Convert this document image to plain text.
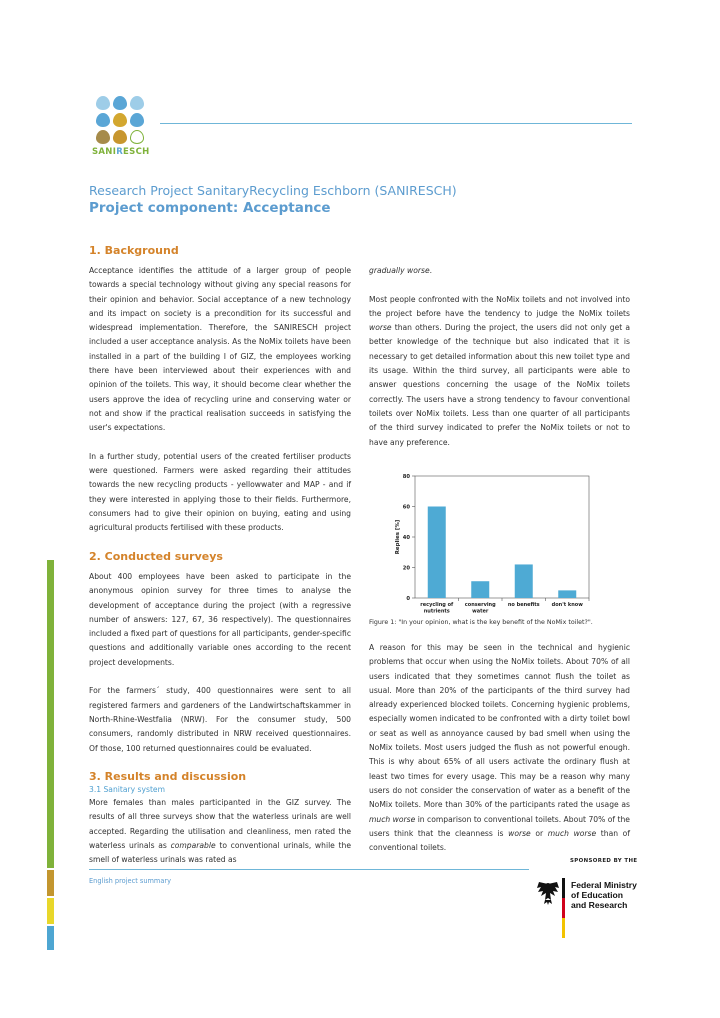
SANIRESCH
Research Project SanitaryRecycling Eschborn (SANIRESCH)
Project component: Acceptance
1. Background

Acceptance identifies the attitude of a larger group of people towards a special technology without giving any special reasons for their opinion and behavior. Social acceptance of a new technology and its impact on society is a precondition for its successful and widespread implementation. Therefore, the SANIRESCH project included a user acceptance analysis. As the NoMix toilets have been installed in a part of the building I of GIZ, the employees working there have been interviewed about their experiences with and opinion of the toilets. This way, it should become clear whether the users approve the idea of recycling urine and conserving water or not and show if the practical realisation succeeds in satisfying the user's expectations.

In a further study, potential users of the created fertiliser products were questioned. Farmers were asked regarding their attitudes towards the new recycling products - yellowwater and MAP - and if they were interested in applying those to their fields. Furthermore, consumers had to give their opinion on buying, eating and using agricultural products fertilised with these products.

2. Conducted surveys

About 400 employees have been asked to participate in the anonymous opinion survey for three times to analyse the development of acceptance during the project (with a regressive number of answers: 127, 67, 36 respectively). The questionnaires included a fixed part of questions for all participants, gender-specific questions and additionally variable ones according to the recent project developments.

For the farmers´ study, 400 questionnaires were sent to all registered farmers and gardeners of the Landwirtschaftskammer in North-Rhine-Westfalia (NRW). For the consumer study, 500 consumers, randomly distributed in NRW received questionnaires. Of those, 100 returned questionnaires could be evaluated.

3. Results and discussion
3.1 Sanitary system

More females than males participanted in the GIZ survey. The results of all three surveys show that the waterless urinals are well accepted. Regarding the utilisation and cleanliness, men rated the waterless urinals as comparable to conventional urinals, while the smell of waterless urinals was rated as

gradually worse.

Most people confronted with the NoMix toilets and not involved into the project before have the tendency to judge the NoMix toilets worse than others. During the project, the users did not only get a better knowledge of the technique but also indicated that it is necessary to get detailed information about this new toilet type and its usage. Within the third survey, all participants were able to answer questions concerning the usage of the NoMix toilets correctly. The users have a strong tendency to favour conventional toilets over NoMix toilets. Less than one quarter of all participants of the third survey indicated to prefer the NoMix toilets or not to have any preference.

0
20
40
60
80
Replies [%]
recycling of
nutrients
conserving
water
no benefits don't know
Figure 1: "In your opinion, what is the key benefit of the NoMix toilet?".

A reason for this may be seen in the technical and hygienic problems that occur when using the NoMix toilets. About 70% of all users indicated that they sometimes cannot flush the toilet as usual. More than 20% of the participants of the third survey had already experienced blocked toilets. Concerning hygienic problems, especially women indicated to be confronted with a dirty toilet bowl or seat as well as annoyance caused by bad smell when using the NoMix toilets. Most users judged the flush as not powerful enough. This is why about 65% of all users activate the ordinary flush at least two times for every usage. This may be a reason why many users do not consider the conservation of water as a benefit of the NoMix toilets. More than 30% of the participants rated the usage as much worse in comparison to conventional toilets. About 70% of the users think that the cleanness is worse or much worse than of conventional toilets.

SPONSORED BY THE
English project summary	Federal Ministry
of Education
and Research
